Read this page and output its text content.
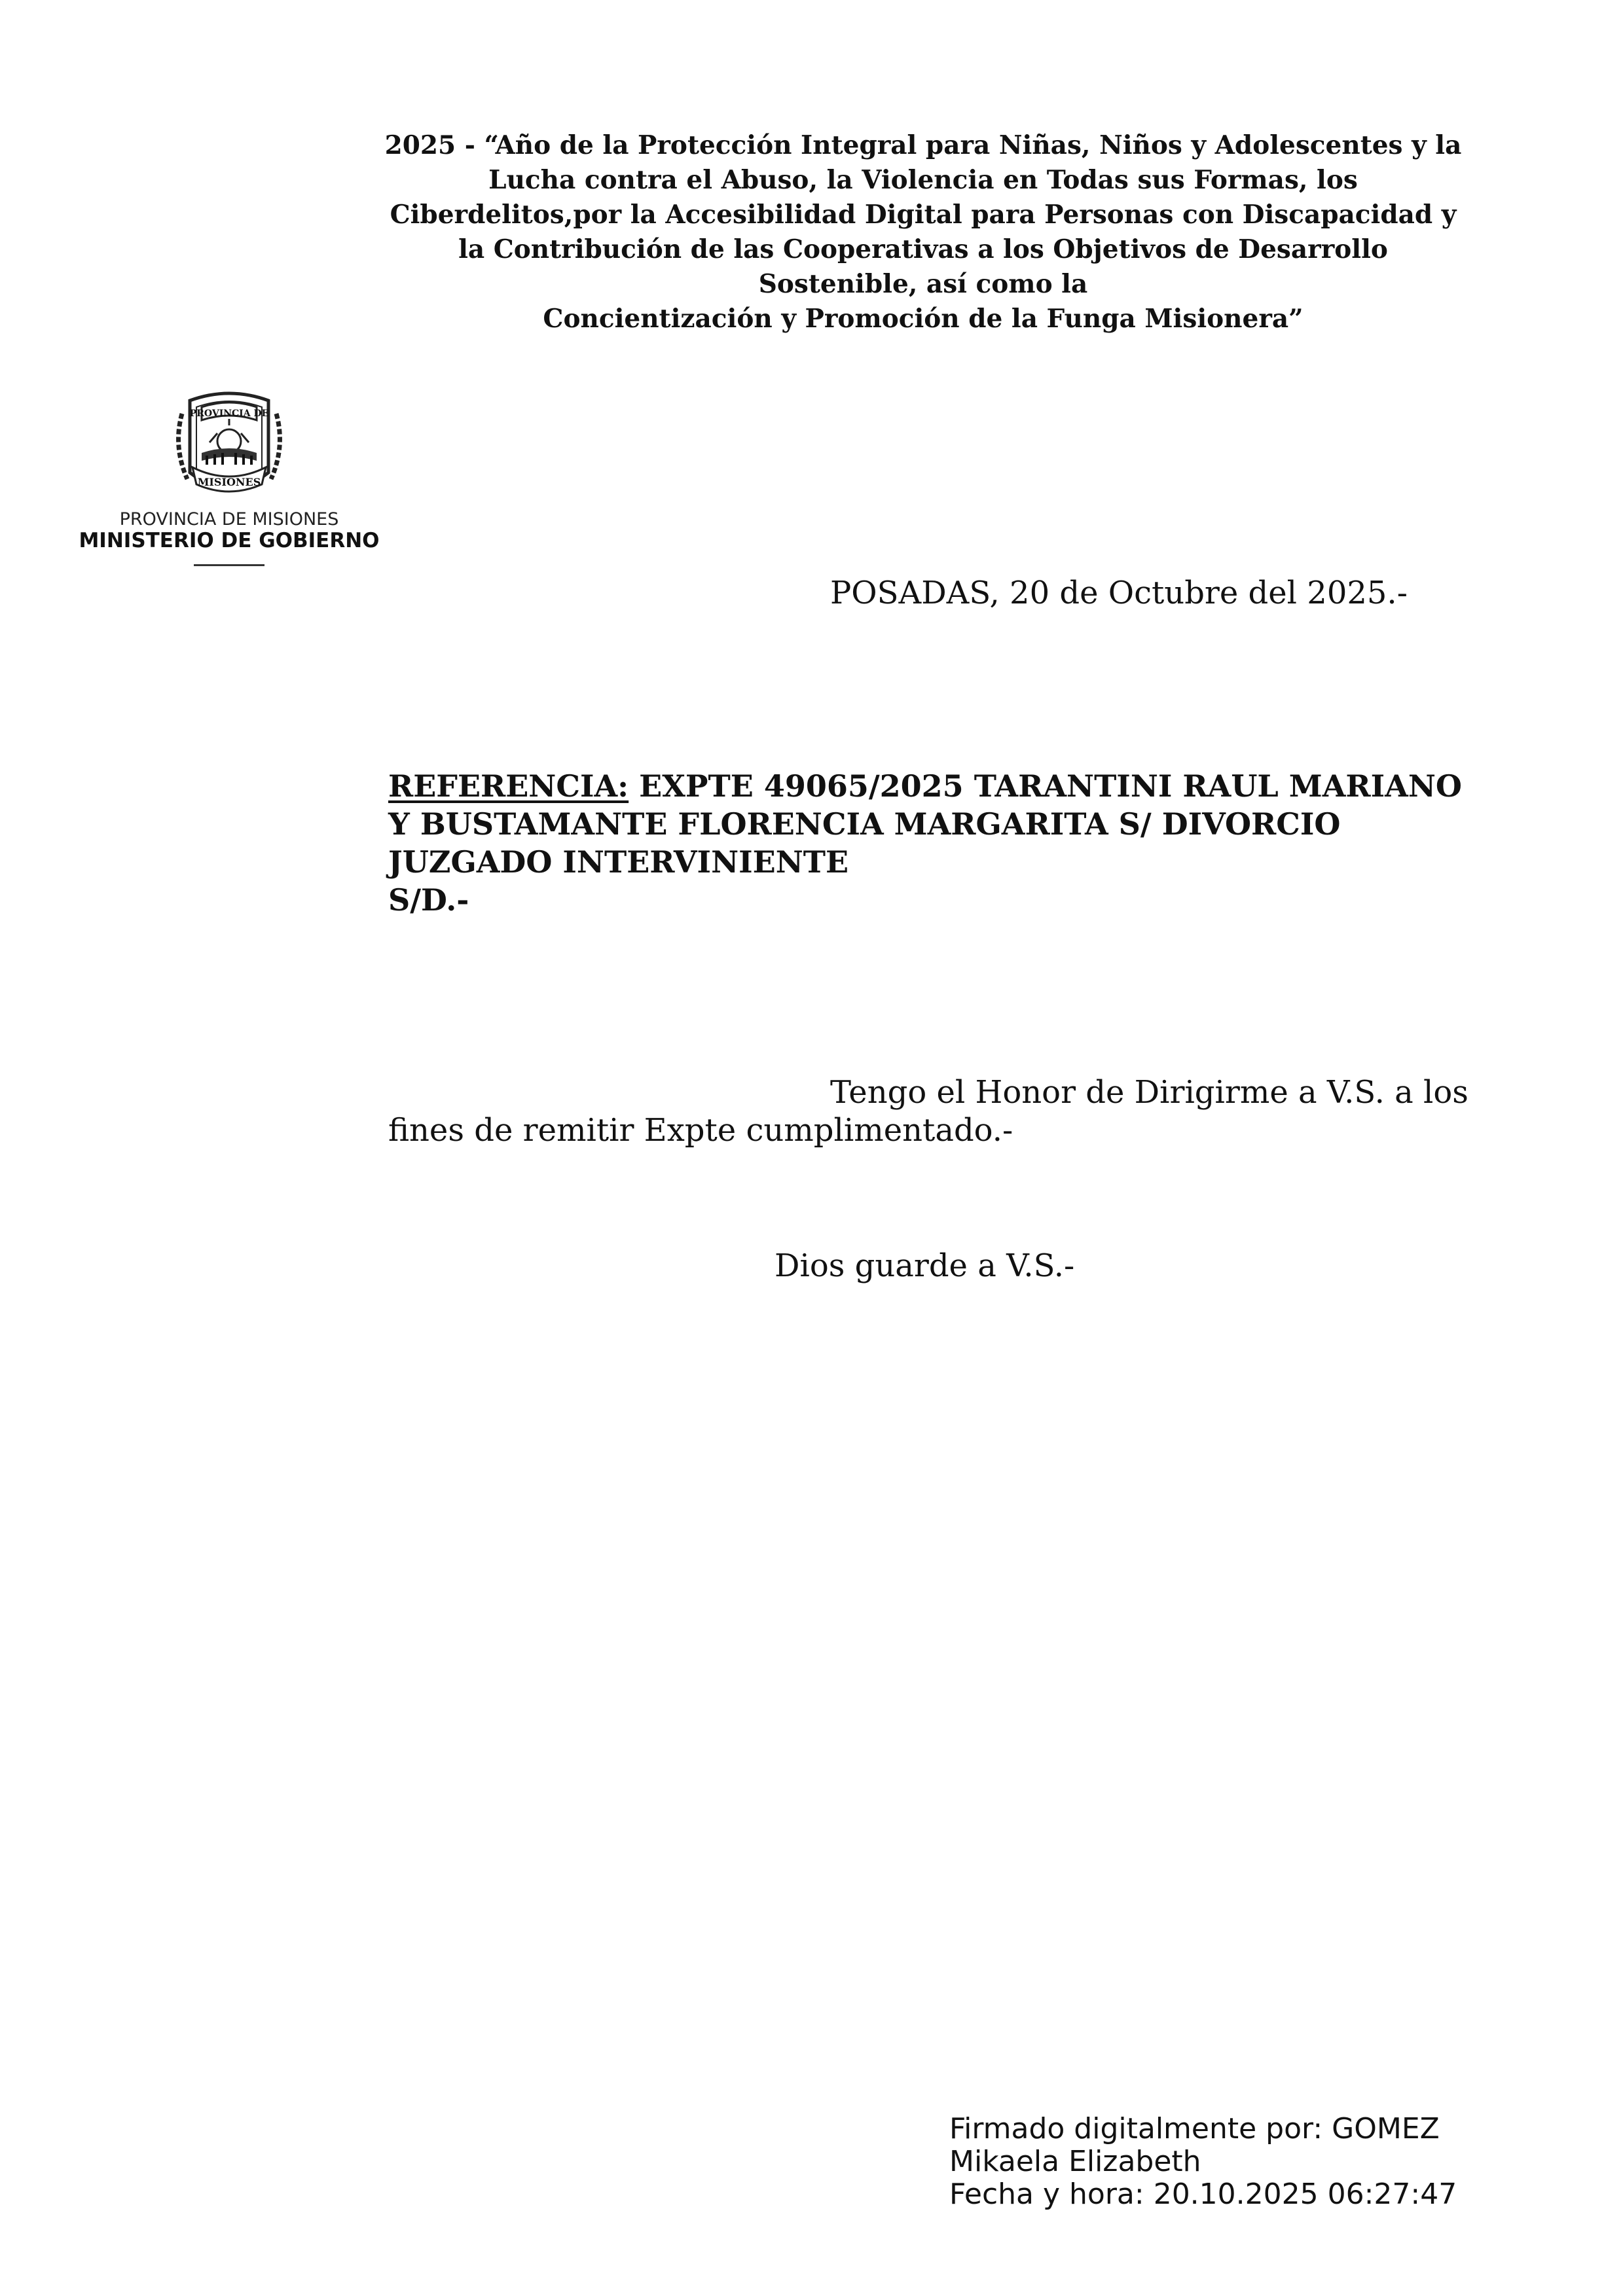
2025 - “Año de la Protección Integral para Niñas, Niños y Adolescentes y la
Lucha contra el Abuso, la Violencia en Todas sus Formas, los
Ciberdelitos,por la Accesibilidad Digital para Personas con Discapacidad y
la Contribución de las Cooperativas a los Objetivos de Desarrollo
Sostenible, así como la
Concientización y Promoción de la Funga Misionera”
PROVINCIA DE
MISIONES
PROVINCIA DE MISIONES
MINISTERIO DE GOBIERNO
POSADAS, 20 de Octubre del 2025.-
REFERENCIA: EXPTE 49065/2025 TARANTINI RAUL MARIANO
Y BUSTAMANTE FLORENCIA MARGARITA S/ DIVORCIO
JUZGADO INTERVINIENTE
S/D.-
Tengo el Honor de Dirigirme a V.S. a los
fines de remitir Expte cumplimentado.-
Dios guarde a V.S.-
Firmado digitalmente por: GOMEZ
Mikaela Elizabeth
Fecha y hora: 20.10.2025 06:27:47
